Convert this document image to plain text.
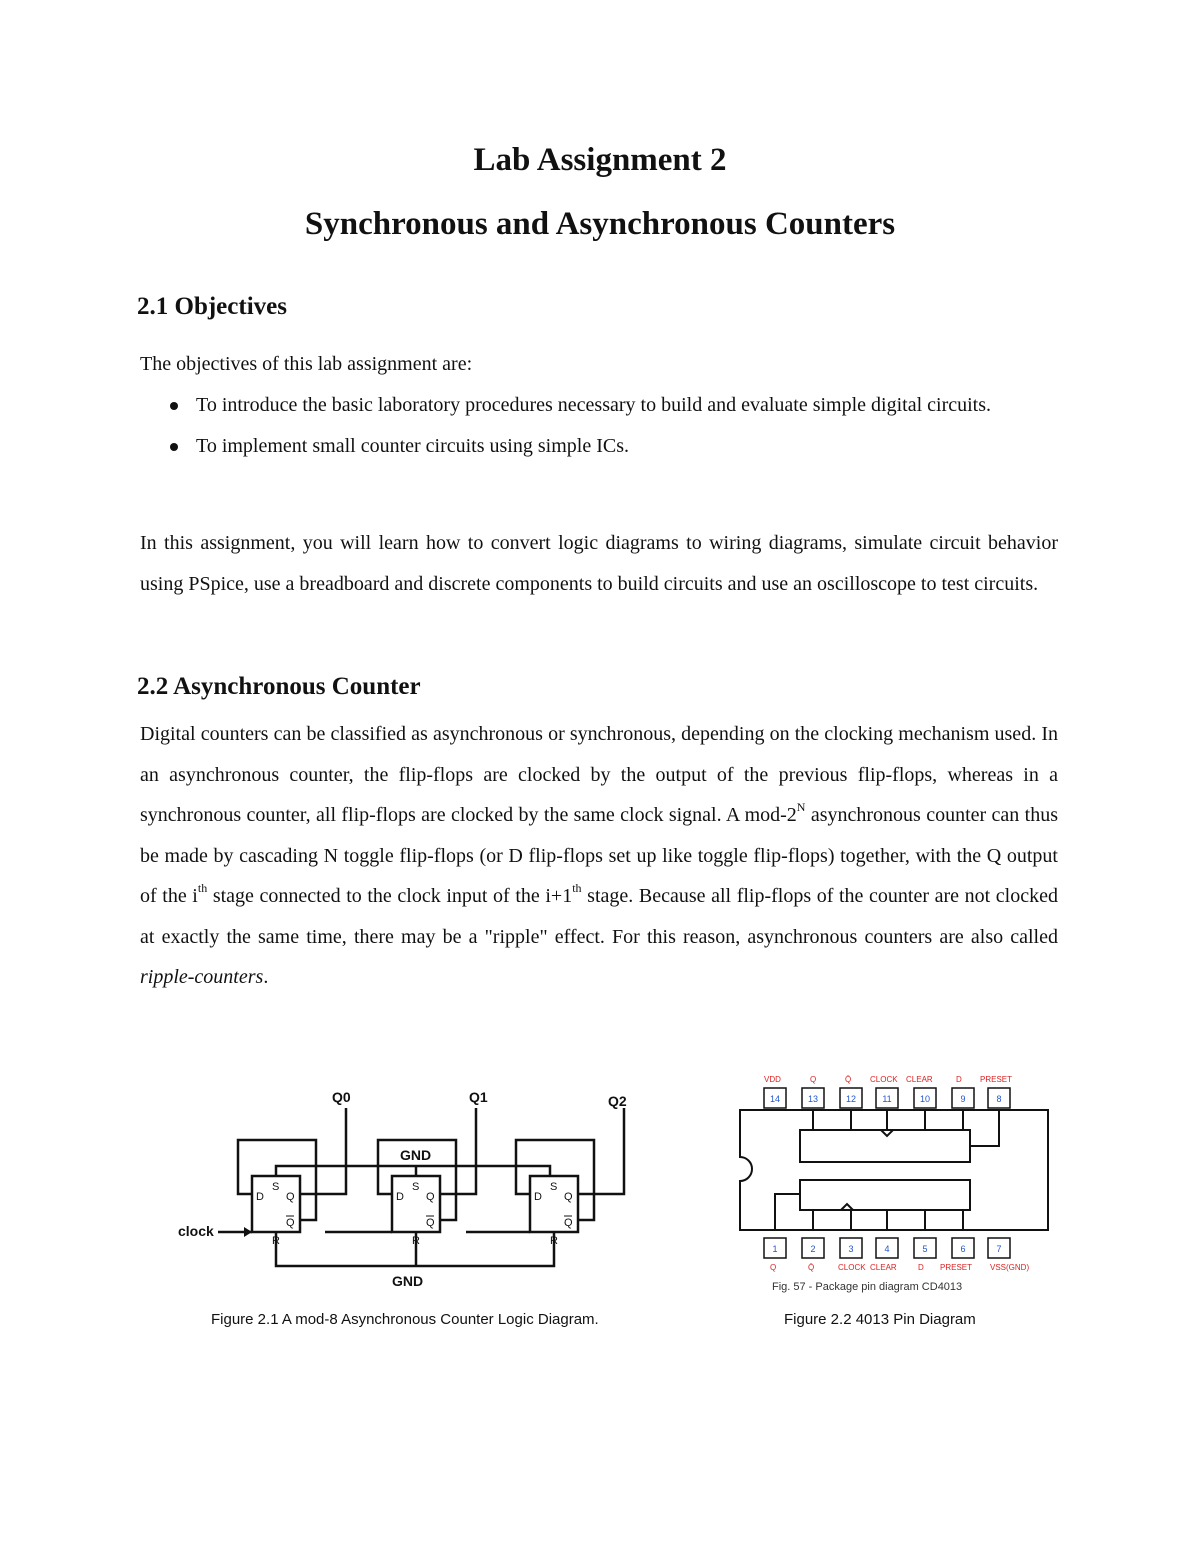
Lab Assignment 2
Synchronous and Asynchronous Counters
2.1 Objectives
The objectives of this lab assignment are:
To introduce the basic laboratory procedures necessary to build and evaluate simple digital circuits.
To implement small counter circuits using simple ICs.
In this assignment, you will learn how to convert logic diagrams to wiring diagrams, simulate circuit behavior using PSpice, use a breadboard and discrete components to build circuits and use an oscilloscope to test circuits.
2.2 Asynchronous Counter
Digital counters can be classified as asynchronous or synchronous, depending on the clocking mechanism used. In an asynchronous counter, the flip-flops are clocked by the output of the previous flip-flops, whereas in a synchronous counter, all flip-flops are clocked by the same clock signal. A mod-$2^N$ asynchronous counter can thus be made by cascading N toggle flip-flops (or D flip-flops set up like toggle flip-flops) together, with the Q output of the $i^{th}$ stage connected to the clock input of the i+1th stage. Because all flip-flops of the counter are not clocked at exactly the same time, there may be a "ripple" effect. For this reason, asynchronous counters are also called ripple-counters.
D
S
Q
Q
R
D
S
Q
Q
R
D
S
Q
Q
R
Q0	Q1	Q2
GND
GND
clock
VDD	Q	Q̄ CLOCK CLEAR	D PRESET
14	13	12	11	10	9	8
1	2	3	4	5	6	7
Q	Q̄	CLOCK CLEAR	D PRESET VSS(GND)
Fig. 57 - Package pin diagram CD4013
Figure 2.1 A mod-8 Asynchronous Counter Logic Diagram.	Figure 2.2 4013 Pin Diagram
